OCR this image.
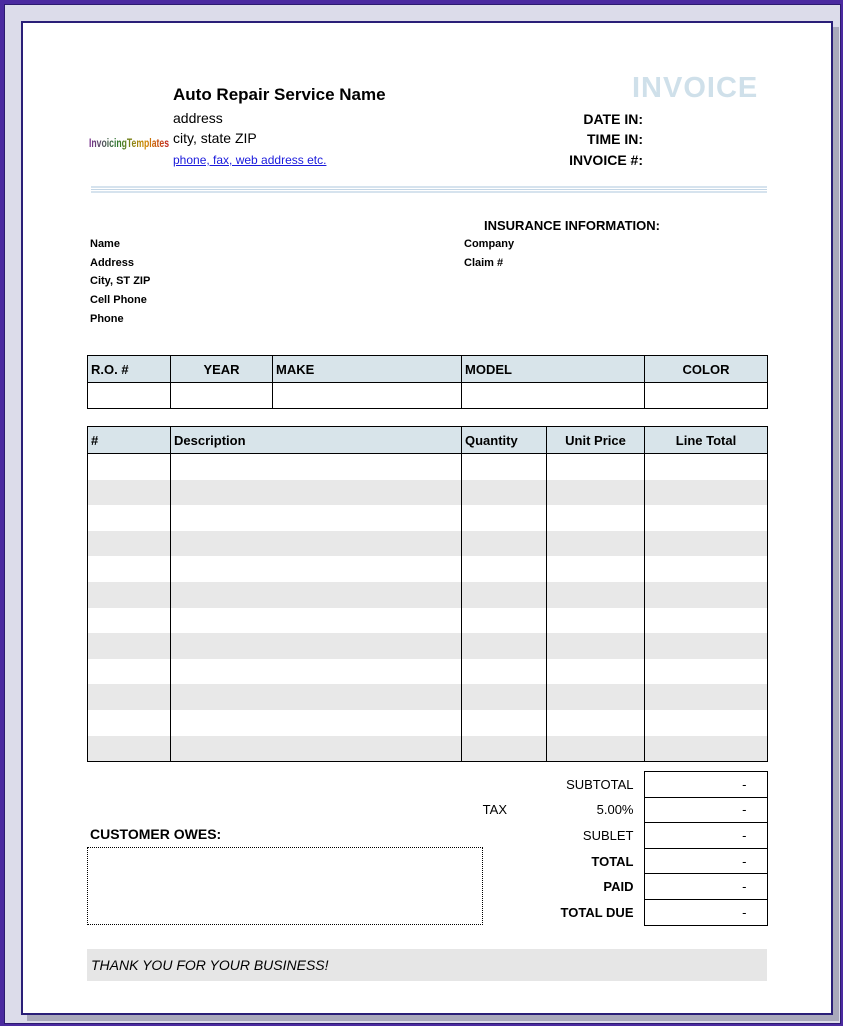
InvoicingTemplates
Auto Repair Service Name
address
city, state ZIP
phone, fax, web address etc.
INVOICE
DATE IN:
TIME IN:
INVOICE #:
INSURANCE INFORMATION:
Name
Address
City, ST ZIP
Cell Phone
Phone
Company
Claim #
R.O. #	YEAR	MAKE	MODEL	COLOR

#	Description	Quantity	Unit Price	Line Total

	SUBTOTAL	-
TAX	5.00%	-
	SUBLET	-
	TOTAL	-
	PAID	-
	TOTAL DUE	-
CUSTOMER OWES:
THANK YOU FOR YOUR BUSINESS!
